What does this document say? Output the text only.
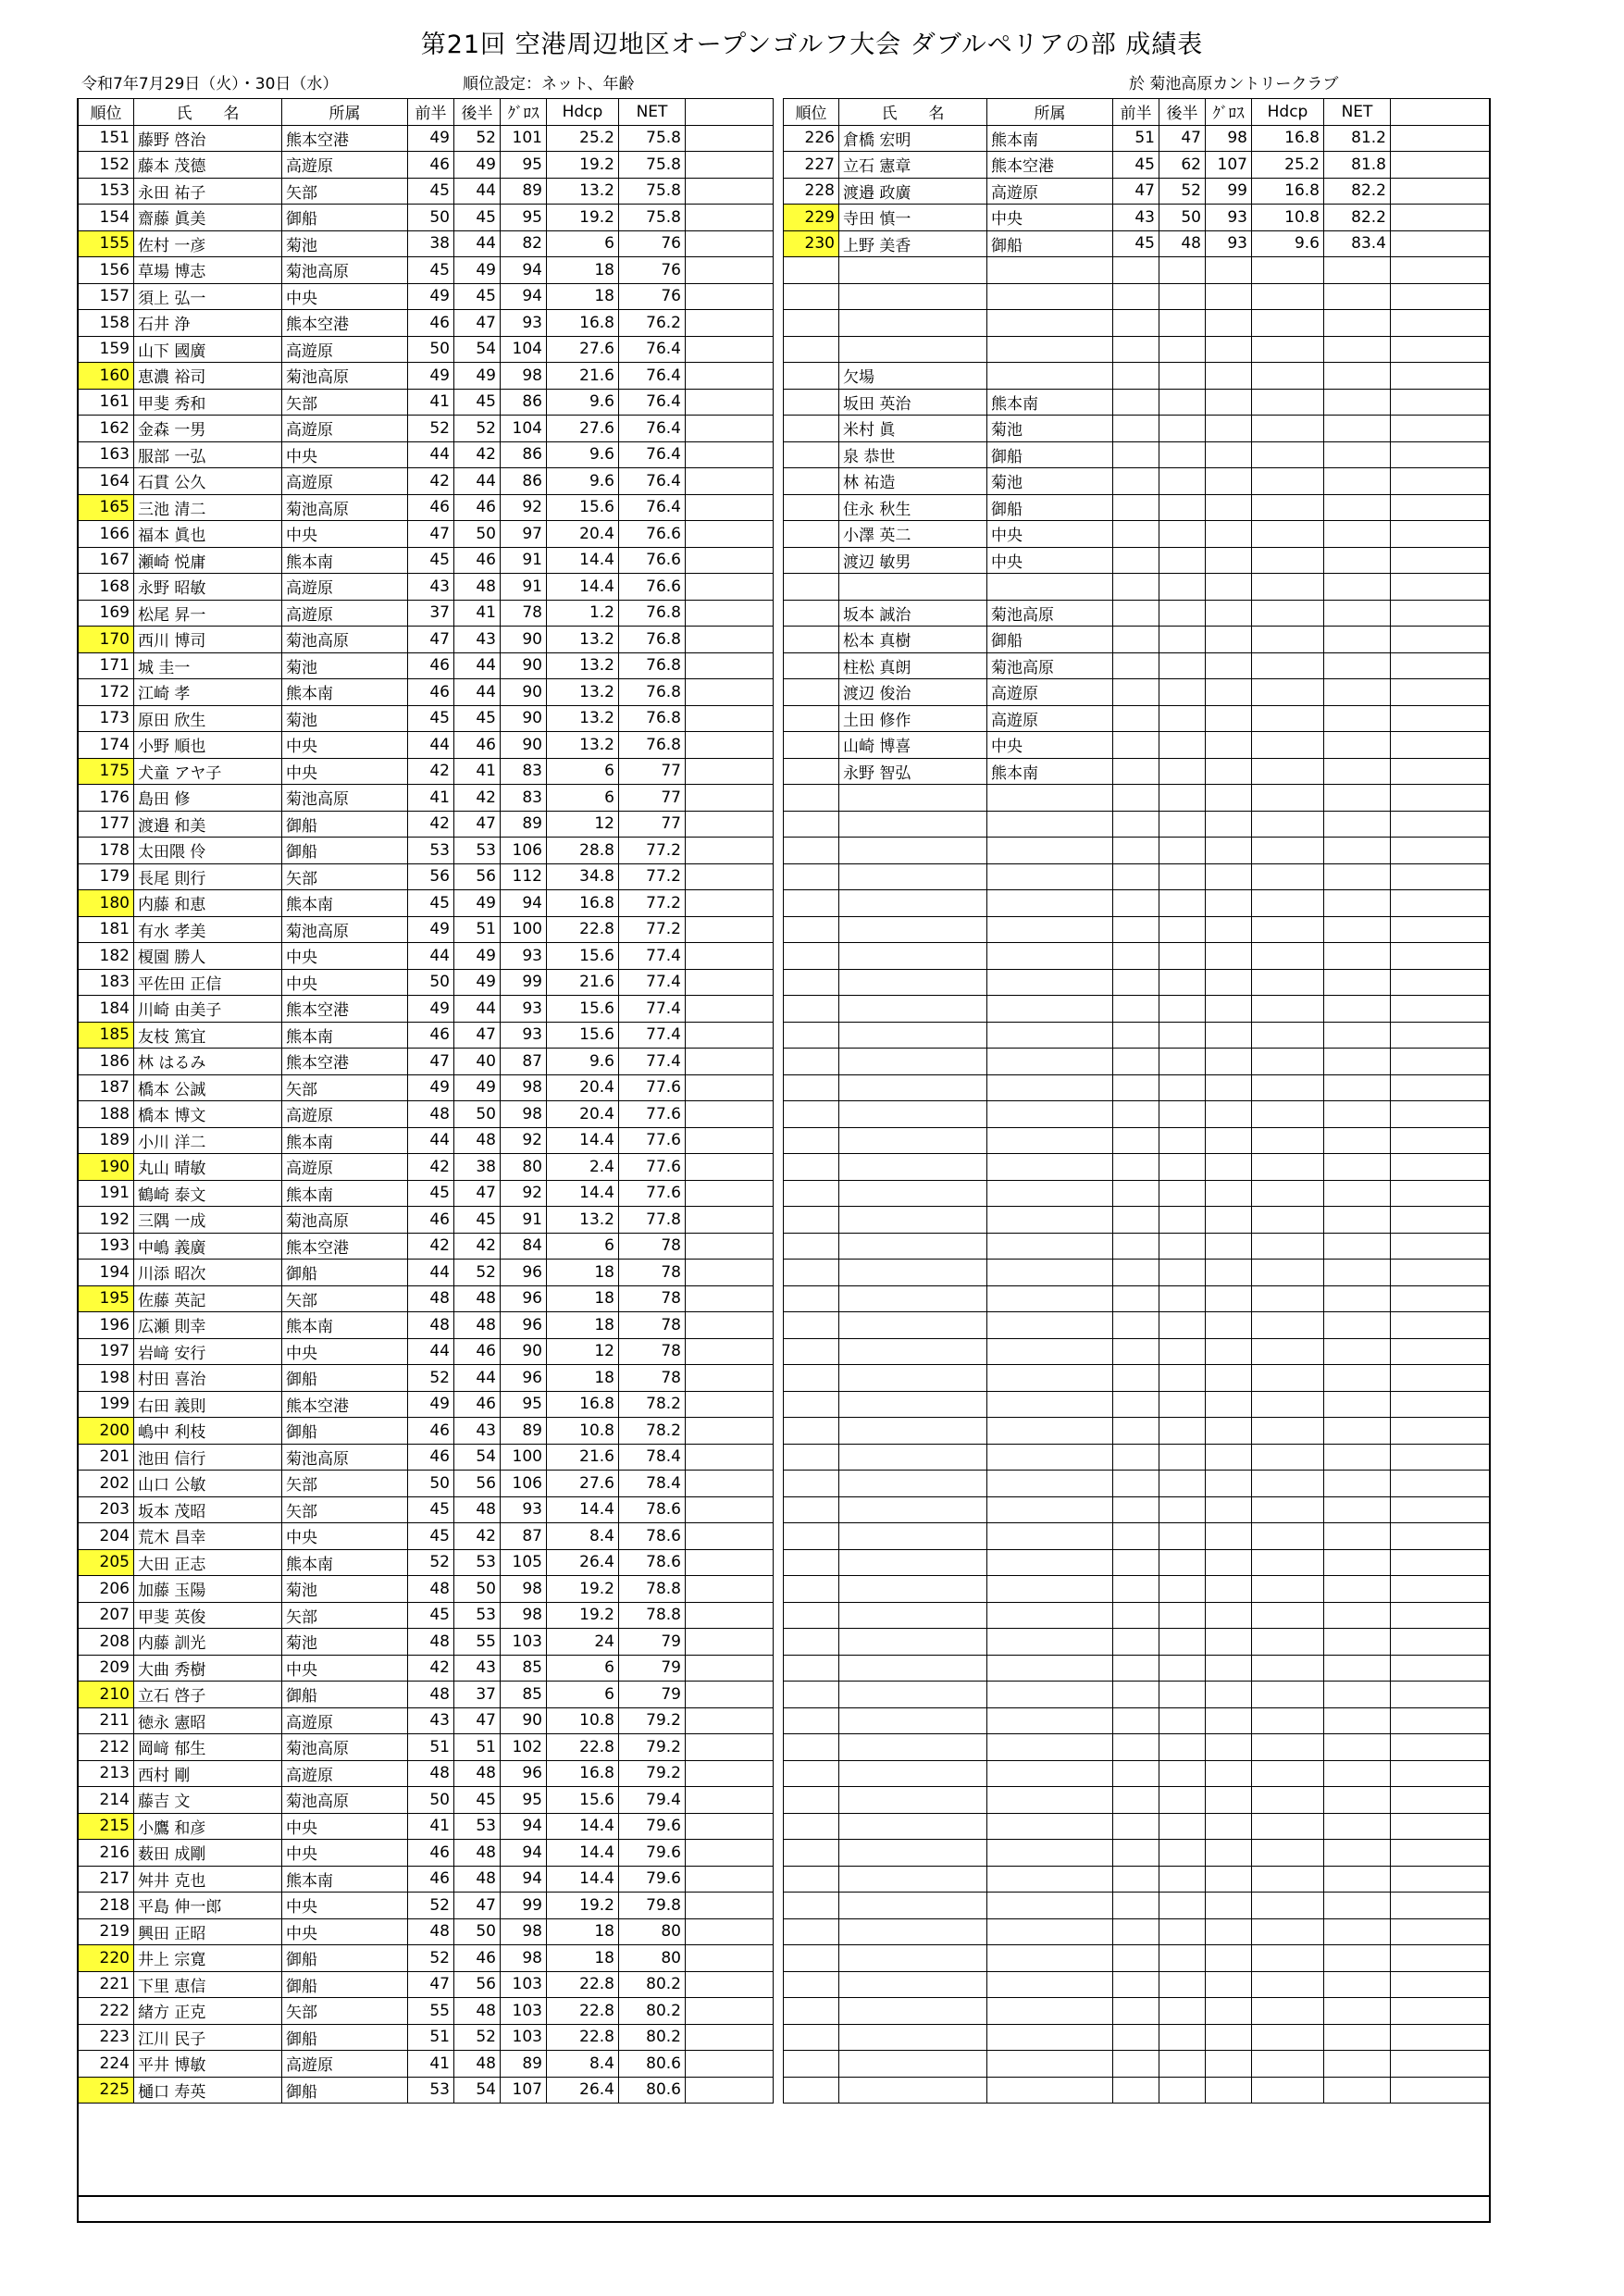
第21回 空港周辺地区オープンゴルフ大会 ダブルペリアの部 成績表
令和7年7月29日（火）・30日（水）	順位設定：ネット、年齢	於 菊池高原カントリークラブ
順位	氏　　名	所属	前半	後半	ｸﾞﾛｽ	Hdcp	NET	
151	藤野 啓治	熊本空港	49	52	101	25.2	75.8	
152	藤本 茂德	高遊原	46	49	95	19.2	75.8	
153	永田 祐子	矢部	45	44	89	13.2	75.8	
154	齋藤 眞美	御船	50	45	95	19.2	75.8	
155	佐村 一彦	菊池	38	44	82	6	76	
156	草場 博志	菊池高原	45	49	94	18	76	
157	須上 弘一	中央	49	45	94	18	76	
158	石井 浄	熊本空港	46	47	93	16.8	76.2	
159	山下 國廣	高遊原	50	54	104	27.6	76.4	
160	恵濃 裕司	菊池高原	49	49	98	21.6	76.4	
161	甲斐 秀和	矢部	41	45	86	9.6	76.4	
162	金森 一男	高遊原	52	52	104	27.6	76.4	
163	服部 一弘	中央	44	42	86	9.6	76.4	
164	石貫 公久	高遊原	42	44	86	9.6	76.4	
165	三池 清二	菊池高原	46	46	92	15.6	76.4	
166	福本 眞也	中央	47	50	97	20.4	76.6	
167	瀬崎 悦庸	熊本南	45	46	91	14.4	76.6	
168	永野 昭敏	高遊原	43	48	91	14.4	76.6	
169	松尾 昇一	高遊原	37	41	78	1.2	76.8	
170	西川 博司	菊池高原	47	43	90	13.2	76.8	
171	城 圭一	菊池	46	44	90	13.2	76.8	
172	江崎 孝	熊本南	46	44	90	13.2	76.8	
173	原田 欣生	菊池	45	45	90	13.2	76.8	
174	小野 順也	中央	44	46	90	13.2	76.8	
175	犬童 アヤ子	中央	42	41	83	6	77	
176	島田 修	菊池高原	41	42	83	6	77	
177	渡邉 和美	御船	42	47	89	12	77	
178	太田隈 伶	御船	53	53	106	28.8	77.2	
179	長尾 則行	矢部	56	56	112	34.8	77.2	
180	内藤 和恵	熊本南	45	49	94	16.8	77.2	
181	有水 孝美	菊池高原	49	51	100	22.8	77.2	
182	榎園 勝人	中央	44	49	93	15.6	77.4	
183	平佐田 正信	中央	50	49	99	21.6	77.4	
184	川崎 由美子	熊本空港	49	44	93	15.6	77.4	
185	友枝 篤宜	熊本南	46	47	93	15.6	77.4	
186	林 はるみ	熊本空港	47	40	87	9.6	77.4	
187	橋本 公誠	矢部	49	49	98	20.4	77.6	
188	橋本 博文	高遊原	48	50	98	20.4	77.6	
189	小川 洋二	熊本南	44	48	92	14.4	77.6	
190	丸山 晴敏	高遊原	42	38	80	2.4	77.6	
191	鶴崎 泰文	熊本南	45	47	92	14.4	77.6	
192	三隅 一成	菊池高原	46	45	91	13.2	77.8	
193	中嶋 義廣	熊本空港	42	42	84	6	78	
194	川添 昭次	御船	44	52	96	18	78	
195	佐藤 英記	矢部	48	48	96	18	78	
196	広瀬 則幸	熊本南	48	48	96	18	78	
197	岩﨑 安行	中央	44	46	90	12	78	
198	村田 喜治	御船	52	44	96	18	78	
199	右田 義則	熊本空港	49	46	95	16.8	78.2	
200	嶋中 利枝	御船	46	43	89	10.8	78.2	
201	池田 信行	菊池高原	46	54	100	21.6	78.4	
202	山口 公敏	矢部	50	56	106	27.6	78.4	
203	坂本 茂昭	矢部	45	48	93	14.4	78.6	
204	荒木 昌幸	中央	45	42	87	8.4	78.6	
205	大田 正志	熊本南	52	53	105	26.4	78.6	
206	加藤 玉陽	菊池	48	50	98	19.2	78.8	
207	甲斐 英俊	矢部	45	53	98	19.2	78.8	
208	内藤 訓光	菊池	48	55	103	24	79	
209	大曲 秀樹	中央	42	43	85	6	79	
210	立石 啓子	御船	48	37	85	6	79	
211	徳永 憲昭	高遊原	43	47	90	10.8	79.2	
212	岡﨑 郁生	菊池高原	51	51	102	22.8	79.2	
213	西村 剛	高遊原	48	48	96	16.8	79.2	
214	藤吉 文	菊池高原	50	45	95	15.6	79.4	
215	小鷹 和彦	中央	41	53	94	14.4	79.6	
216	薮田 成剛	中央	46	48	94	14.4	79.6	
217	舛井 克也	熊本南	46	48	94	14.4	79.6	
218	平島 伸一郎	中央	52	47	99	19.2	79.8	
219	興田 正昭	中央	48	50	98	18	80	
220	井上 宗寛	御船	52	46	98	18	80	
221	下里 恵信	御船	47	56	103	22.8	80.2	
222	緒方 正克	矢部	55	48	103	22.8	80.2	
223	江川 民子	御船	51	52	103	22.8	80.2	
224	平井 博敏	高遊原	41	48	89	8.4	80.6	
225	樋口 寿英	御船	53	54	107	26.4	80.6	
順位	氏　　名	所属	前半	後半	ｸﾞﾛｽ	Hdcp	NET	
226	倉橋 宏明	熊本南	51	47	98	16.8	81.2	
227	立石 憲章	熊本空港	45	62	107	25.2	81.8	
228	渡邉 政廣	高遊原	47	52	99	16.8	82.2	
229	寺田 慎一	中央	43	50	93	10.8	82.2	
230	上野 美香	御船	45	48	93	9.6	83.4	

	欠場							
	坂田 英治	熊本南						
	米村 眞	菊池						
	泉 恭世	御船						
	林 祐造	菊池						
	住永 秋生	御船						
	小澤 英二	中央						
	渡辺 敏男	中央						

	坂本 誠治	菊池高原						
	松本 真樹	御船						
	柱松 真朗	菊池高原						
	渡辺 俊治	高遊原						
	土田 修作	高遊原						
	山崎 博喜	中央						
	永野 智弘	熊本南						
